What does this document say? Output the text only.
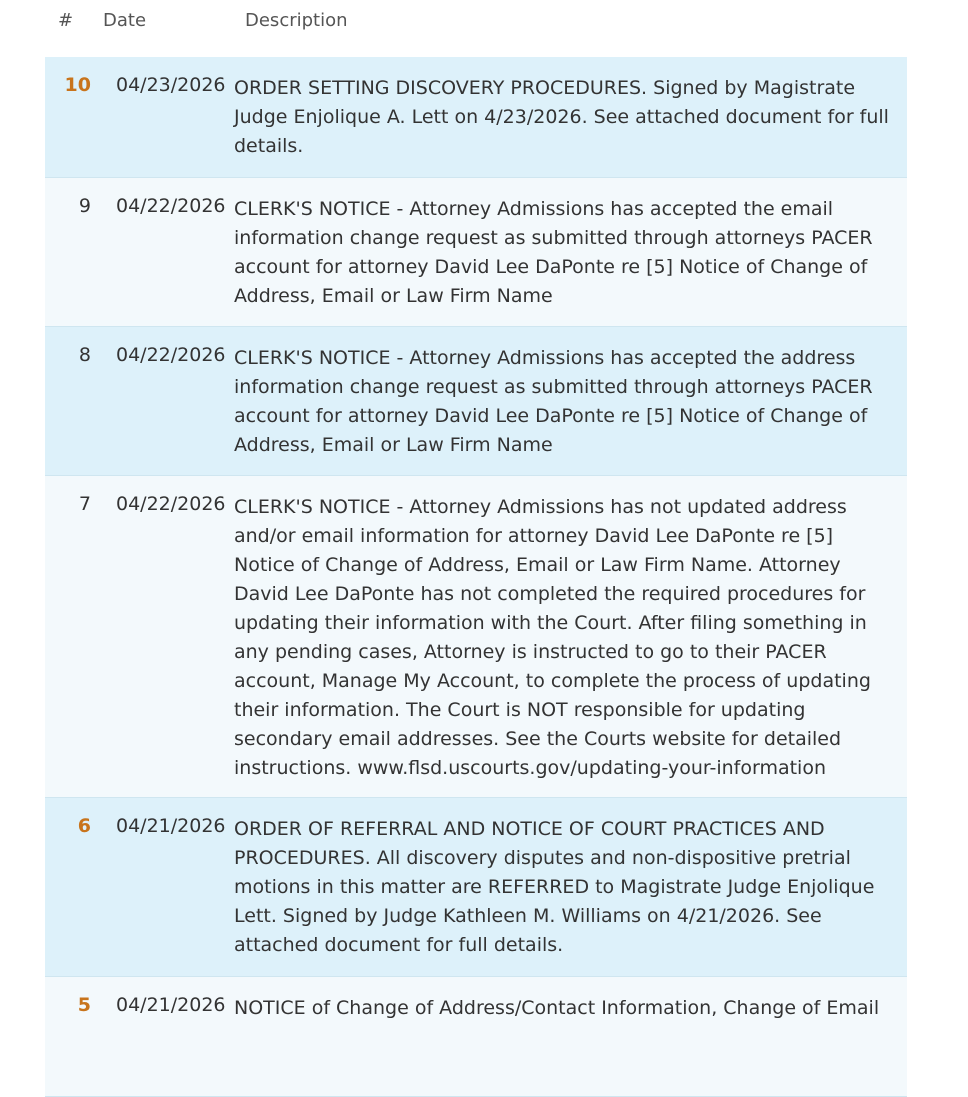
# Date	Description
10 04/23/2026 ORDER SETTING DISCOVERY PROCEDURES. Signed by Magistrate Judge Enjolique A. Lett on 4/23/2026. See attached document for full details.
9 04/22/2026 CLERK'S NOTICE - Attorney Admissions has accepted the email information change request as submitted through attorneys PACER account for attorney David Lee DaPonte re [5] Notice of Change of Address, Email or Law Firm Name
8 04/22/2026 CLERK'S NOTICE - Attorney Admissions has accepted the address information change request as submitted through attorneys PACER account for attorney David Lee DaPonte re [5] Notice of Change of Address, Email or Law Firm Name
7 04/22/2026 CLERK'S NOTICE - Attorney Admissions has not updated address and/or email information for attorney David Lee DaPonte re [5] Notice of Change of Address, Email or Law Firm Name. Attorney David Lee DaPonte has not completed the required procedures for updating their information with the Court. After filing something in any pending cases, Attorney is instructed to go to their PACER account, Manage My Account, to complete the process of updating their information. The Court is NOT responsible for updating secondary email addresses. See the Courts website for detailed instructions. www.flsd.uscourts.gov/updating-your-information
6 04/21/2026 ORDER OF REFERRAL AND NOTICE OF COURT PRACTICES AND PROCEDURES. All discovery disputes and non-dispositive pretrial motions in this matter are REFERRED to Magistrate Judge Enjolique Lett. Signed by Judge Kathleen M. Williams on 4/21/2026. See attached document for full details.
5 04/21/2026 NOTICE of Change of Address/Contact Information, Change of Email
